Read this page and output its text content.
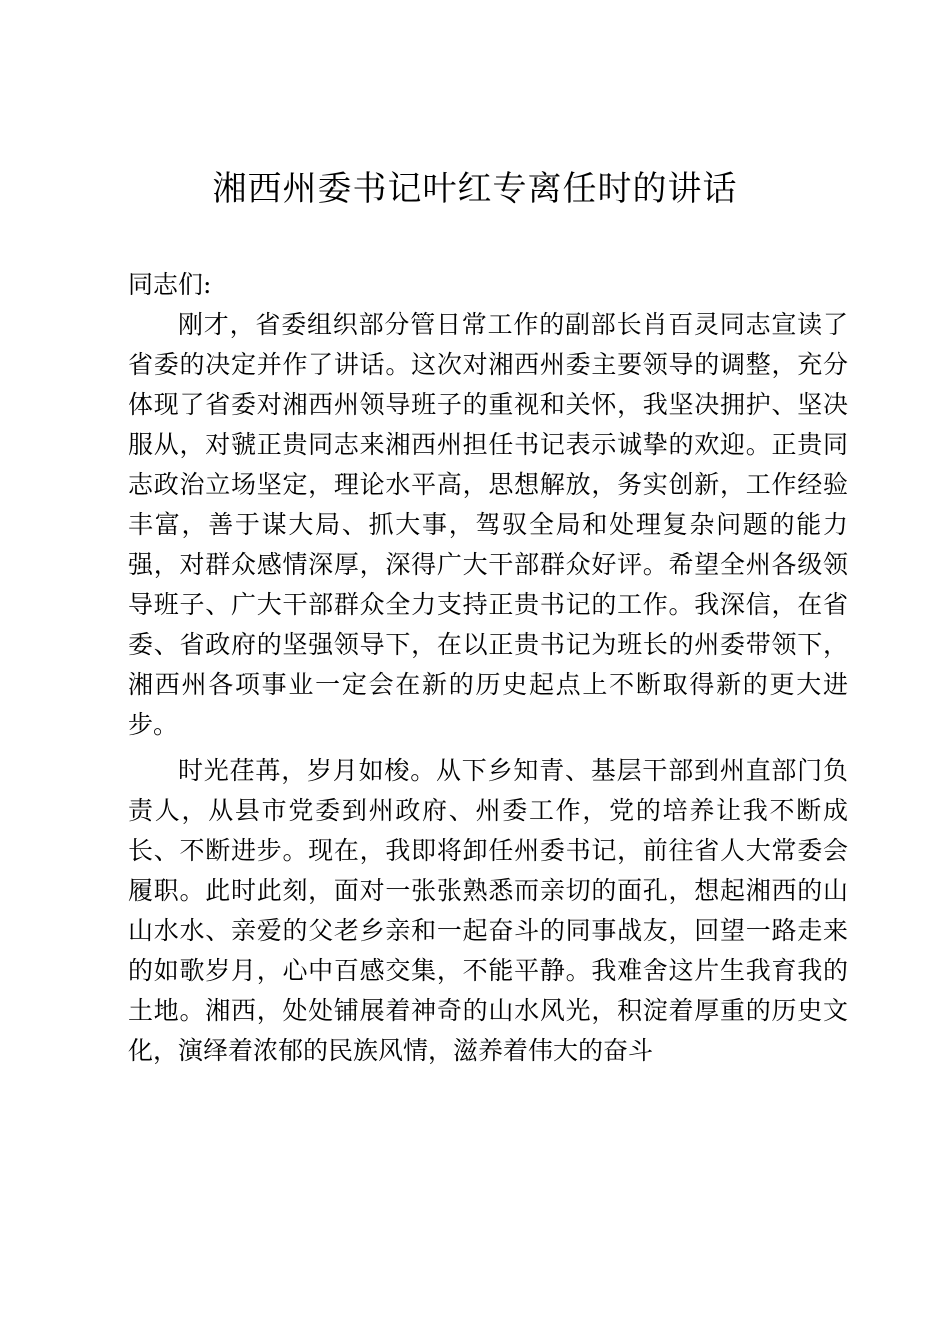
湘西州委书记叶红专离任时的讲话

同志们:

刚才，省委组织部分管日常工作的副部长肖百灵同志宣读了省委的决定并作了讲话。这次对湘西州委主要领导的调整，充分体现了省委对湘西州领导班子的重视和关怀，我坚决拥护、坚决服从，对虢正贵同志来湘西州担任书记表示诚挚的欢迎。正贵同志政治立场坚定，理论水平高，思想解放，务实创新，工作经验丰富，善于谋大局、抓大事，驾驭全局和处理复杂问题的能力强，对群众感情深厚，深得广大干部群众好评。希望全州各级领导班子、广大干部群众全力支持正贵书记的工作。我深信，在省委、省政府的坚强领导下，在以正贵书记为班长的州委带领下，湘西州各项事业一定会在新的历史起点上不断取得新的更大进步。

时光荏苒，岁月如梭。从下乡知青、基层干部到州直部门负责人，从县市党委到州政府、州委工作，党的培养让我不断成长、不断进步。现在，我即将卸任州委书记，前往省人大常委会履职。此时此刻，面对一张张熟悉而亲切的面孔，想起湘西的山山水水、亲爱的父老乡亲和一起奋斗的同事战友，回望一路走来的如歌岁月，心中百感交集，不能平静。我难舍这片生我育我的土地。湘西，处处铺展着神奇的山水风光，积淀着厚重的历史文化，演绎着浓郁的民族风情，滋养着伟大的奋斗
